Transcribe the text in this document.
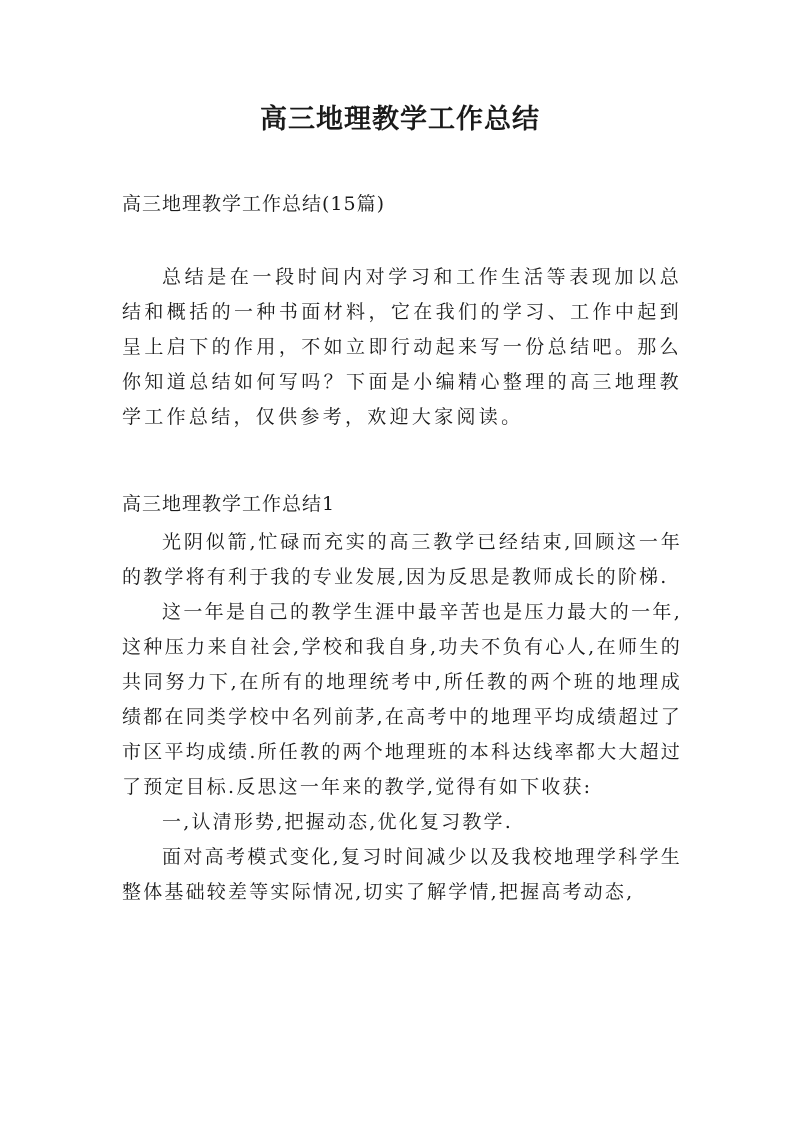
高三地理教学工作总结

高三地理教学工作总结(15篇)

总结是在一段时间内对学习和工作生活等表现加以总结和概括的一种书面材料，它在我们的学习、工作中起到呈上启下的作用，不如立即行动起来写一份总结吧。那么你知道总结如何写吗？下面是小编精心整理的高三地理教学工作总结，仅供参考，欢迎大家阅读。

高三地理教学工作总结1

光阴似箭,忙碌而充实的高三教学已经结束,回顾这一年的教学将有利于我的专业发展,因为反思是教师成长的阶梯.

这一年是自己的教学生涯中最辛苦也是压力最大的一年,这种压力来自社会,学校和我自身,功夫不负有心人,在师生的共同努力下,在所有的地理统考中,所任教的两个班的地理成绩都在同类学校中名列前茅,在高考中的地理平均成绩超过了市区平均成绩.所任教的两个地理班的本科达线率都大大超过了预定目标.反思这一年来的教学,觉得有如下收获:

一,认清形势,把握动态,优化复习教学.

面对高考模式变化,复习时间减少以及我校地理学科学生整体基础较差等实际情况,切实了解学情,把握高考动态,
